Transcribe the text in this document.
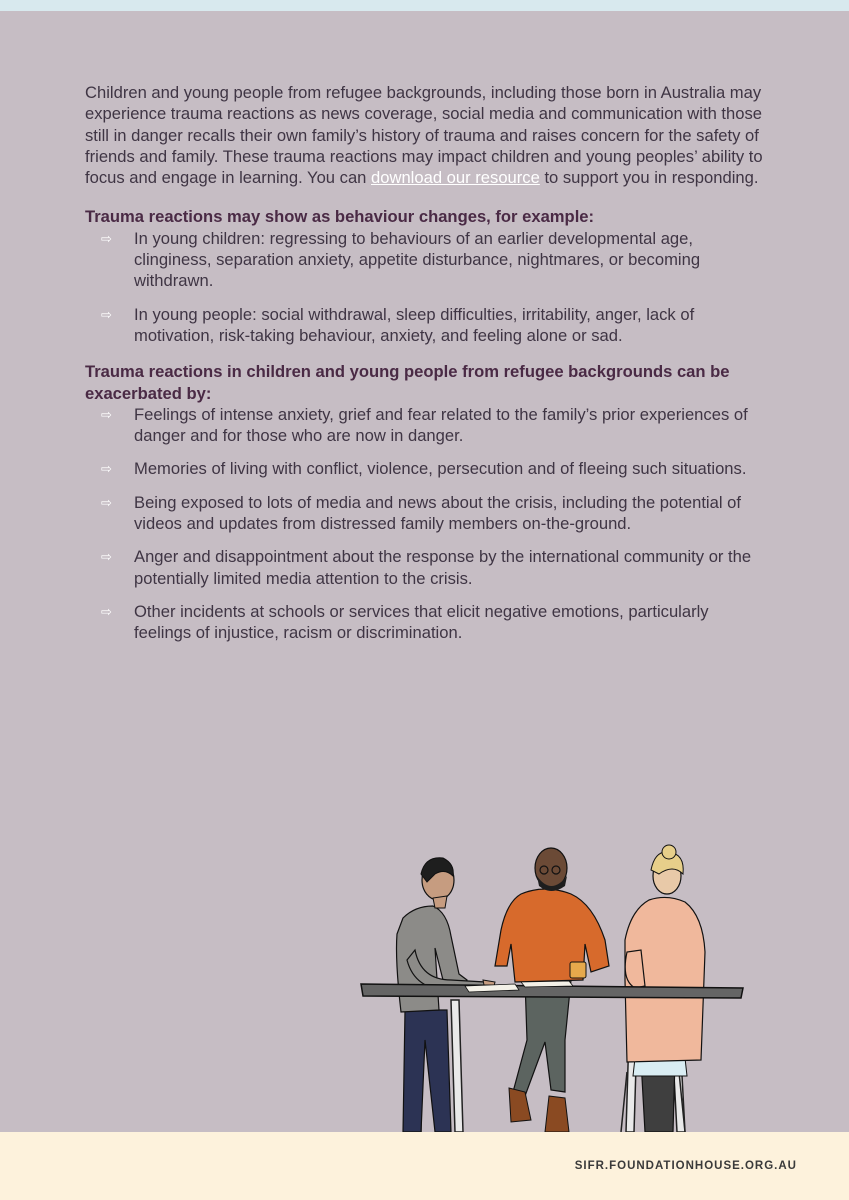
Children and young people from refugee backgrounds, including those born in Australia may experience trauma reactions as news coverage, social media and communication with those still in danger recalls their own family’s history of trauma and raises concern for the safety of friends and family. These trauma reactions may impact children and young peoples’ ability to focus and engage in learning. You can download our resource to support you in responding.

Trauma reactions may show as behaviour changes, for example:

⇨ In young children: regressing to behaviours of an earlier developmental age, clinginess, separation anxiety, appetite disturbance, nightmares, or becoming withdrawn.
⇨ In young people: social withdrawal, sleep difficulties, irritability, anger, lack of motivation, risk-taking behaviour, anxiety, and feeling alone or sad.

Trauma reactions in children and young people from refugee backgrounds can be exacerbated by:

⇨ Feelings of intense anxiety, grief and fear related to the family’s prior experiences of danger and for those who are now in danger.
⇨ Memories of living with conflict, violence, persecution and of fleeing such situations.
⇨ Being exposed to lots of media and news about the crisis, including the potential of videos and updates from distressed family members on-the-ground.
⇨ Anger and disappointment about the response by the international community or the potentially limited media attention to the crisis.
⇨ Other incidents at schools or services that elicit negative emotions, particularly feelings of injustice, racism or discrimination.
SIFR.FOUNDATIONHOUSE.ORG.AU
